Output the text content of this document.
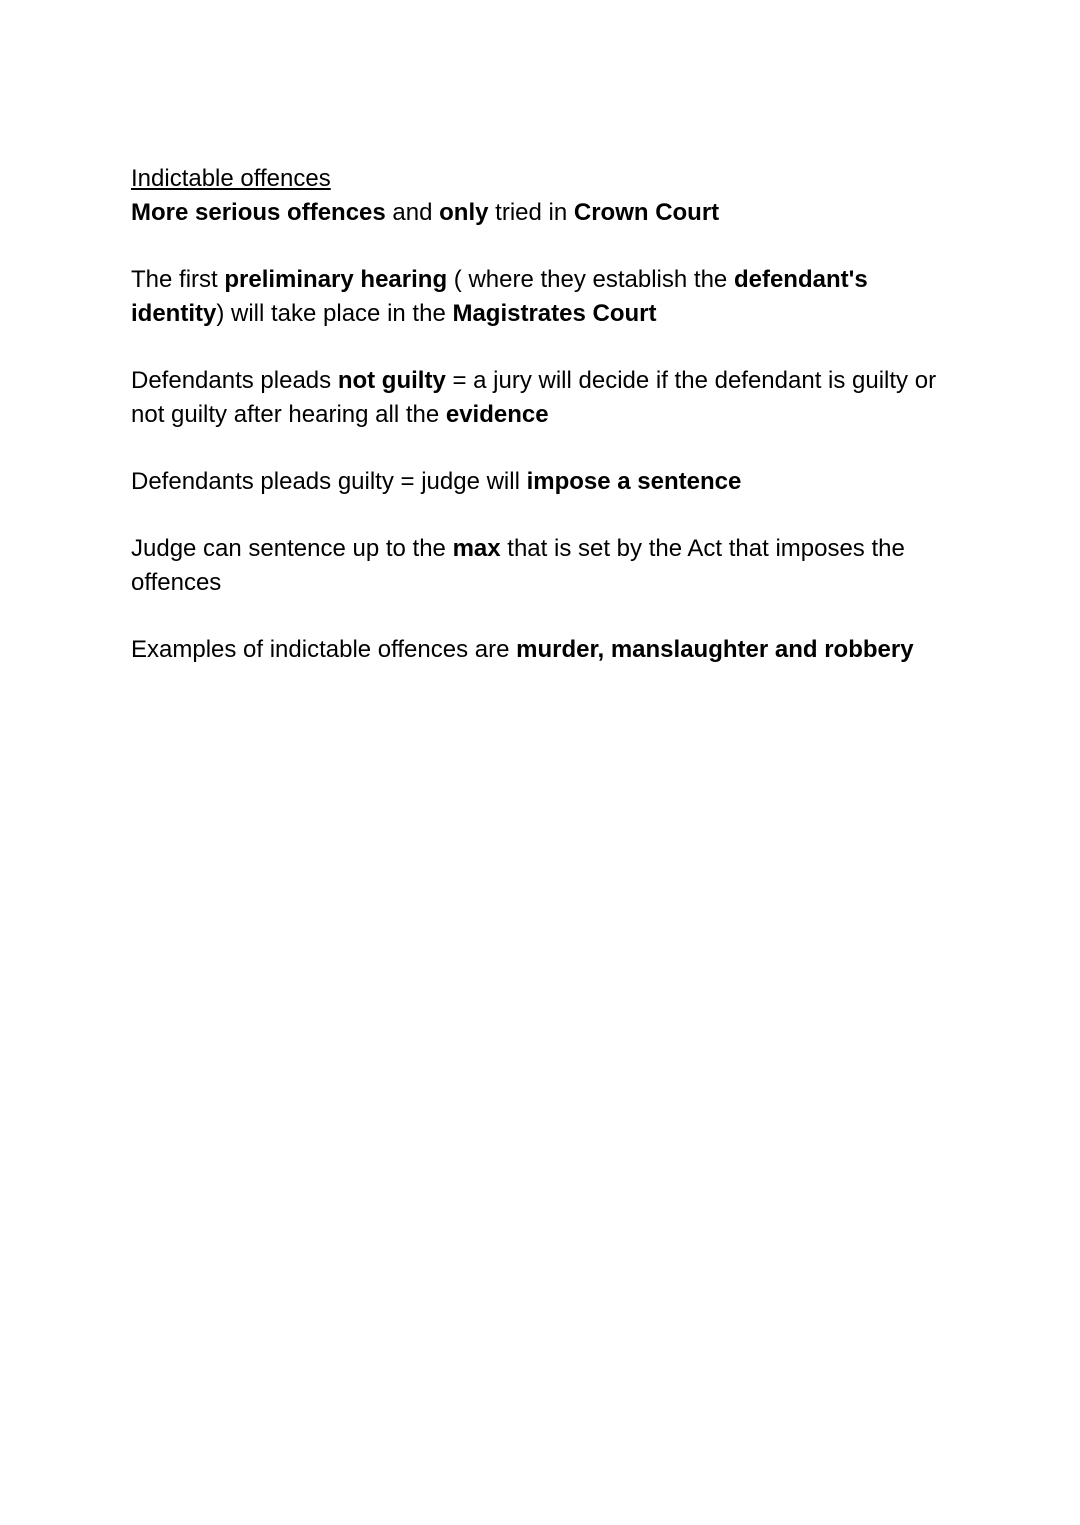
Indictable offences

More serious offences and only tried in Crown Court

The first preliminary hearing ( where they establish the defendant's identity) will take place in the Magistrates Court

Defendants pleads not guilty = a jury will decide if the defendant is guilty or not guilty after hearing all the evidence

Defendants pleads guilty = judge will impose a sentence

Judge can sentence up to the max that is set by the Act that imposes the offences

Examples of indictable offences are murder, manslaughter and robbery
